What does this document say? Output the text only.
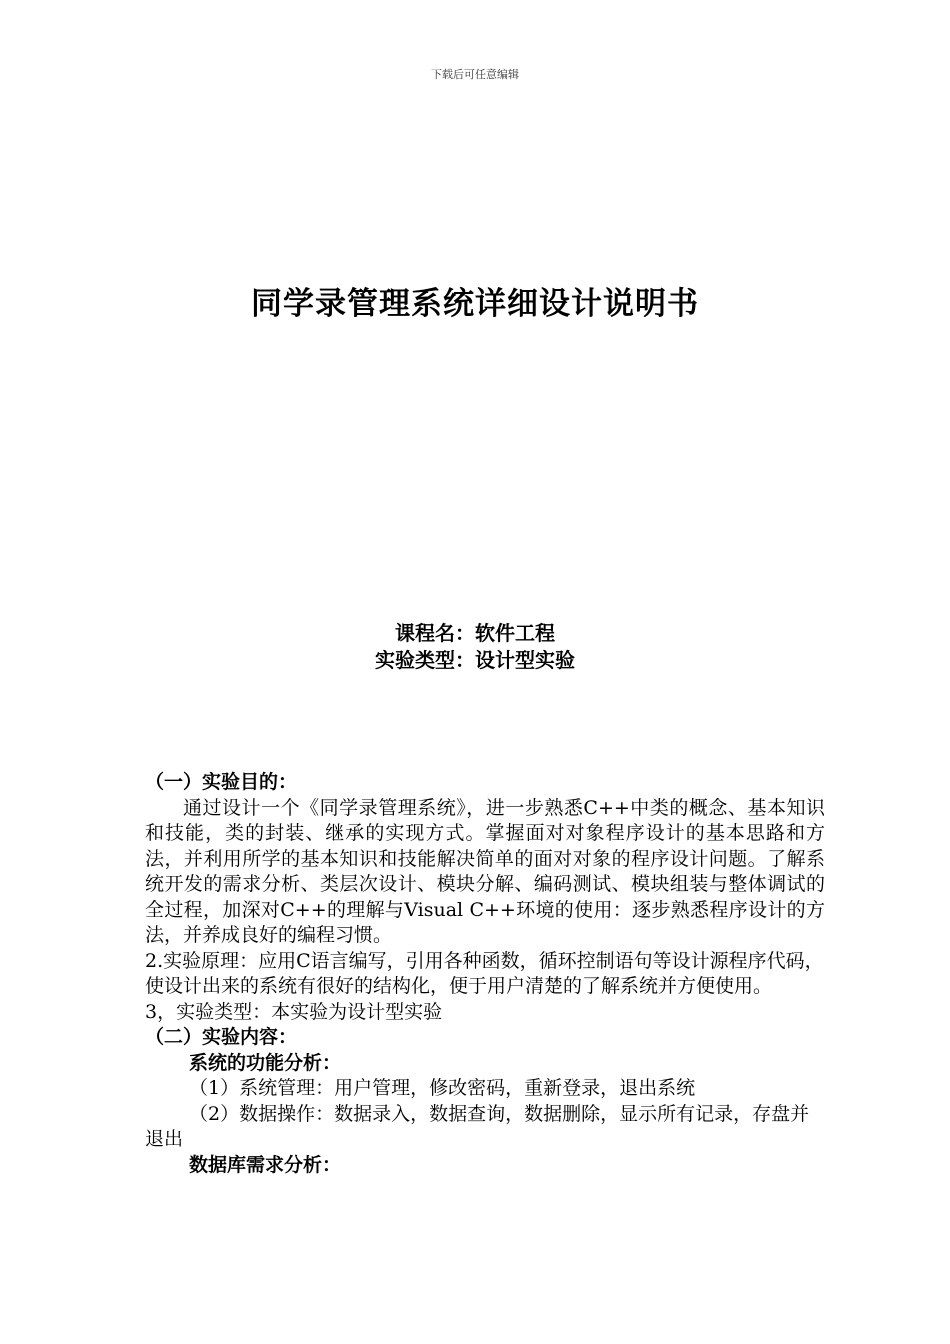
下载后可任意编辑
同学录管理系统详细设计说明书
课程名：软件工程
实验类型：设计型实验
（一）实验目的：
通过设计一个《同学录管理系统》，进一步熟悉C++中类的概念、基本知识和技能，类的封装、继承的实现方式。掌握面对对象程序设计的基本思路和方法，并利用所学的基本知识和技能解决简单的面对对象的程序设计问题。了解系统开发的需求分析、类层次设计、模块分解、编码测试、模块组装与整体调试的全过程，加深对C++的理解与Visual C++环境的使用：逐步熟悉程序设计的方法，并养成良好的编程习惯。
2.实验原理：应用C语言编写，引用各种函数，循环控制语句等设计源程序代码，使设计出来的系统有很好的结构化，便于用户清楚的了解系统并方便使用。
3，实验类型：本实验为设计型实验
（二）实验内容：
系统的功能分析：
（1）系统管理：用户管理，修改密码，重新登录，退出系统
（2）数据操作：数据录入，数据查询，数据删除，显示所有记录，存盘并退出
数据库需求分析：
